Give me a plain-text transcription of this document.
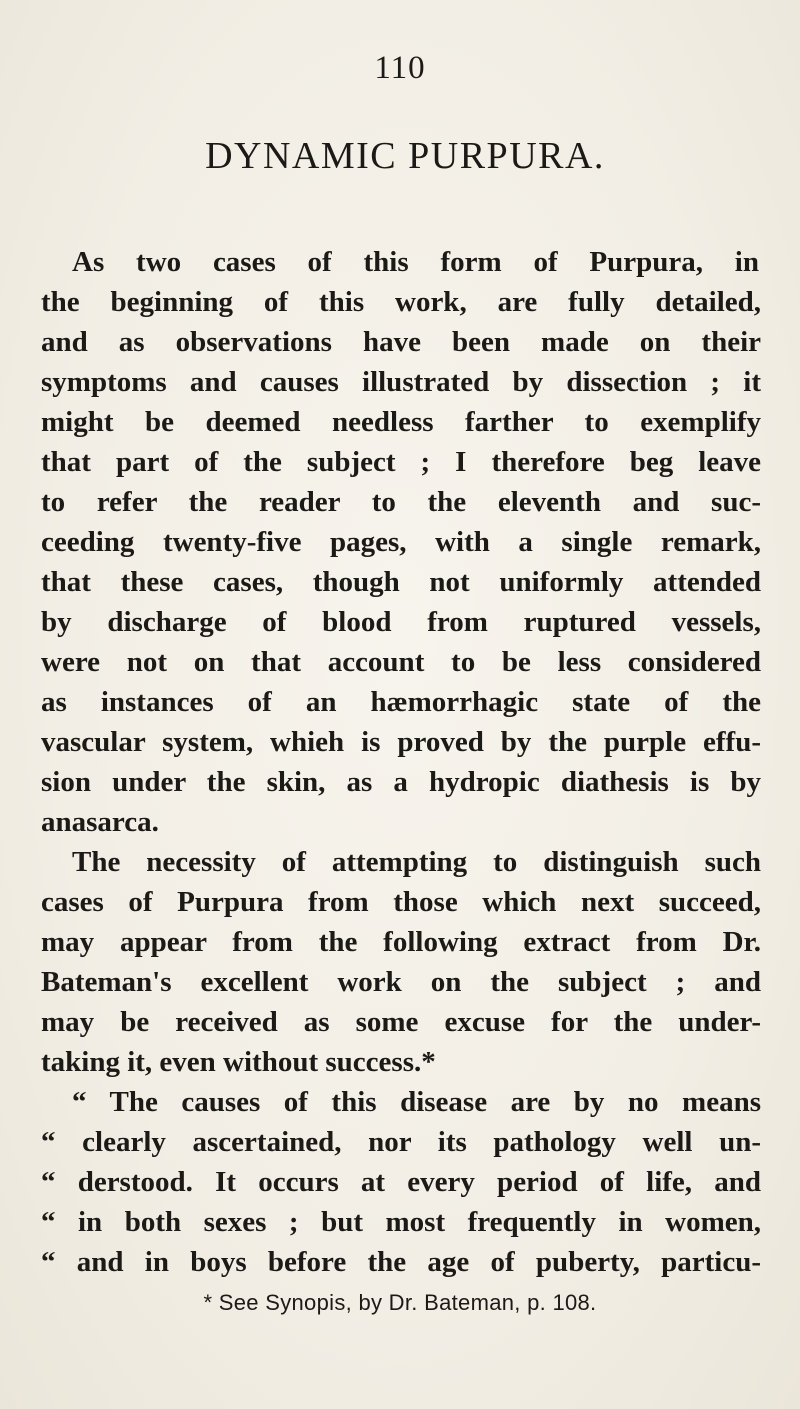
110
DYNAMIC PURPURA.
As two cases of this form of Purpura, in
the beginning of this work, are fully detailed,
and as observations have been made on their
symptoms and causes illustrated by dissection ; it
might be deemed needless farther to exemplify
that part of the subject ; I therefore beg leave
to refer the reader to the eleventh and suc-
ceeding twenty-five pages, with a single remark,
that these cases, though not uniformly attended
by discharge of blood from ruptured vessels,
were not on that account to be less considered
as instances of an hæmorrhagic state of the
vascular system, whieh is proved by the purple effu-
sion under the skin, as a hydropic diathesis is by
anasarca.
The necessity of attempting to distinguish such
cases of Purpura from those which next succeed,
may appear from the following extract from Dr.
Bateman's excellent work on the subject ; and
may be received as some excuse for the under-
taking it, even without success.*
“ The causes of this disease are by no means
“ clearly ascertained, nor its pathology well un-
“ derstood. It occurs at every period of life, and
“ in both sexes ; but most frequently in women,
“ and in boys before the age of puberty, particu-
* See Synopis, by Dr. Bateman, p. 108.
